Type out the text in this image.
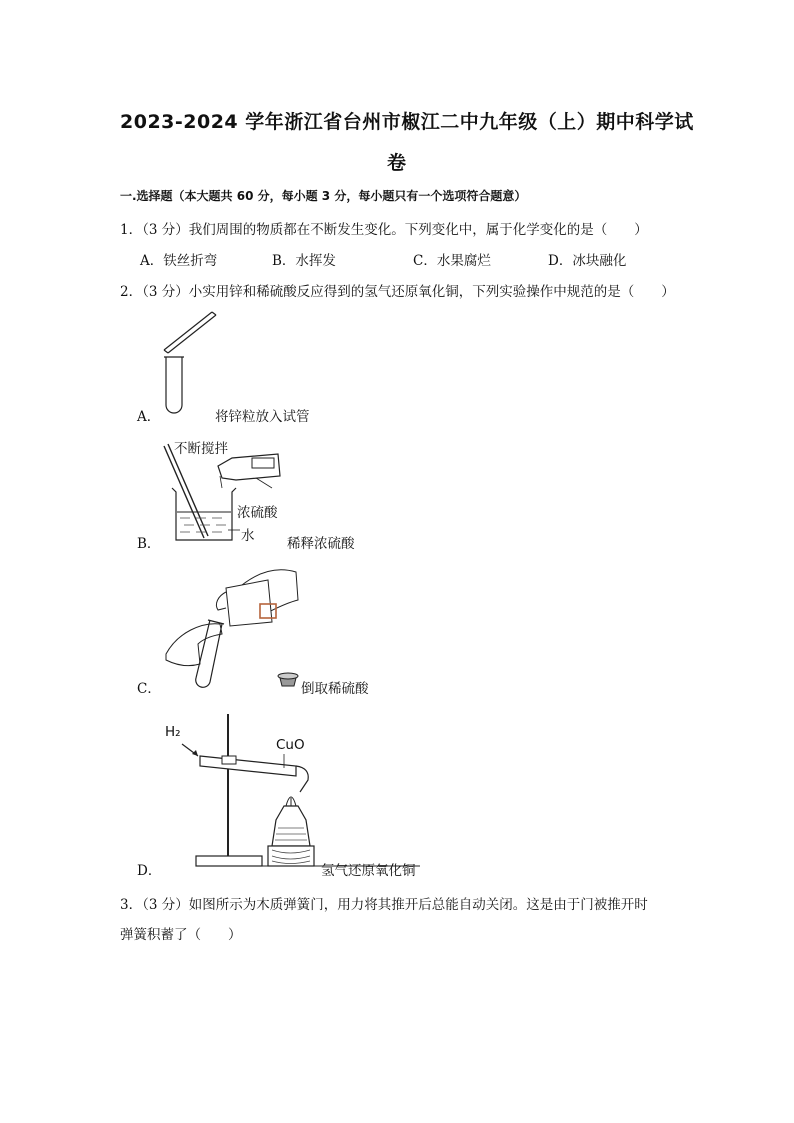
2023-2024 学年浙江省台州市椒江二中九年级（上）期中科学试
卷
一.选择题（本大题共 60 分，每小题 3 分，每小题只有一个选项符合题意）
1．（3 分）我们周围的物质都在不断发生变化。下列变化中，属于化学变化的是（　　）
A．铁丝折弯	B．水挥发	C．水果腐烂	D．冰块融化
2．（3 分）小实用锌和稀硫酸反应得到的氢气还原氧化铜，下列实验操作中规范的是（　　）
A．	将锌粒放入试管
不断搅拌
浓硫酸
水
B．	稀释浓硫酸
C．	倒取稀硫酸
H₂
CuO
D．	氢气还原氧化铜
3．（3 分）如图所示为木质弹簧门，用力将其推开后总能自动关闭。这是由于门被推开时
弹簧积蓄了（　　）
